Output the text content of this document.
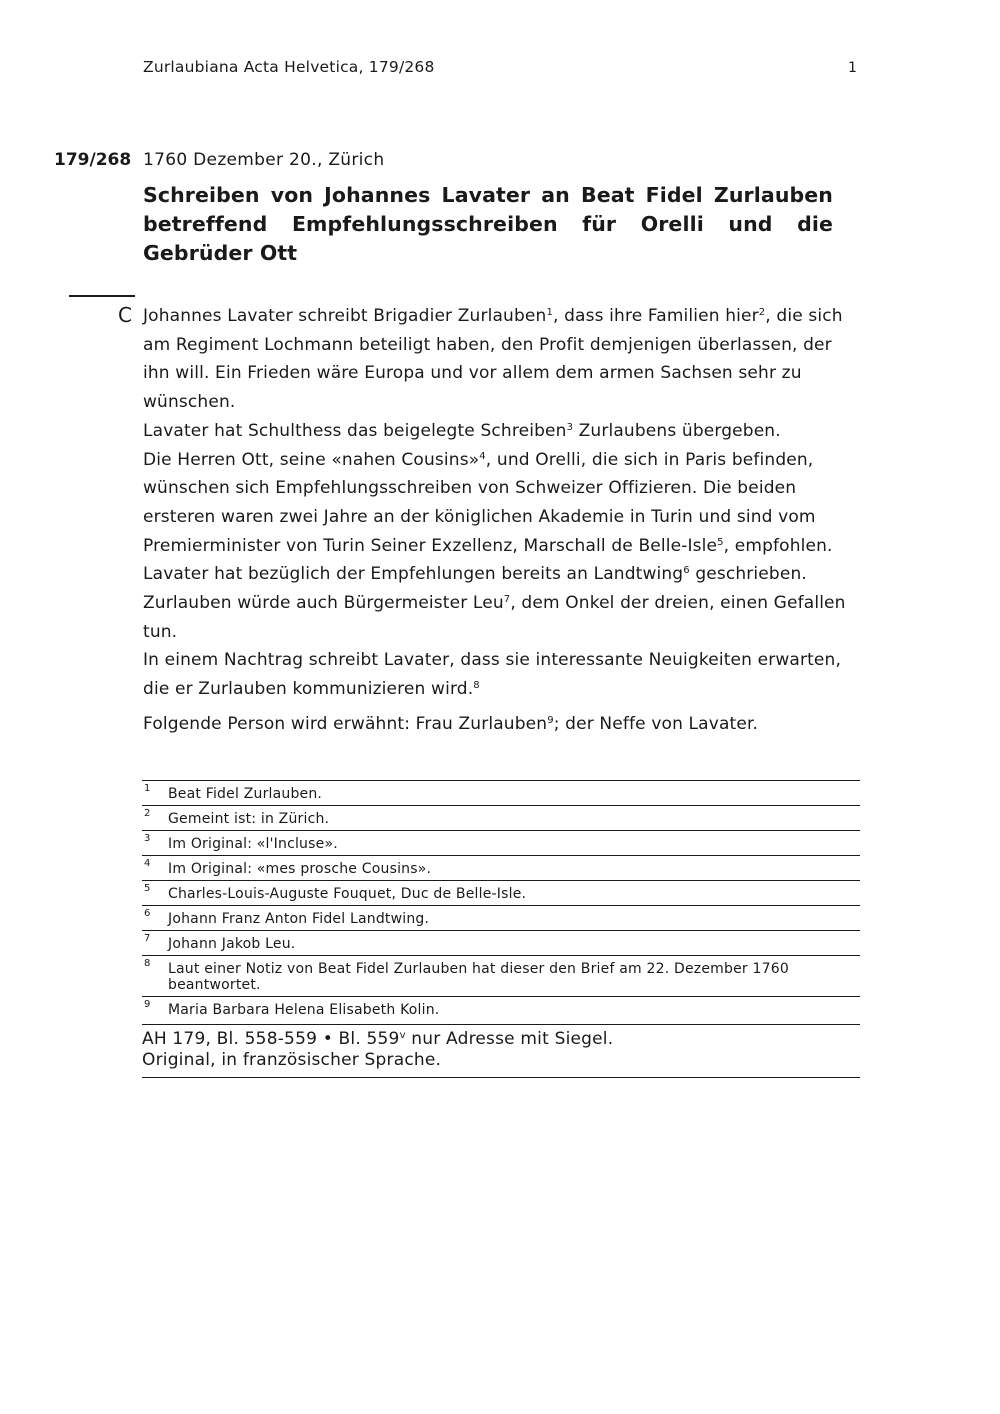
Zurlaubiana Acta Helvetica, 179/268	1
179/268 1760 Dezember 20., Zürich
Schreiben von Johannes Lavater an Beat Fidel Zurlauben betreffend Empfehlungsschreiben für Orelli und die Gebrüder Ott
C Johannes Lavater schreibt Brigadier Zurlauben$^1$, dass ihre Familien hier$^2$, die sich am Regiment Lochmann beteiligt haben, den Profit demjenigen überlassen, der ihn will. Ein Frieden wäre Europa und vor allem dem armen Sachsen sehr zu wünschen.

Lavater hat Schulthess das beigelegte Schreiben$^3$ Zurlaubens übergeben.

Die Herren Ott, seine «nahen Cousins»$^4$, und Orelli, die sich in Paris befinden, wünschen sich Empfehlungsschreiben von Schweizer Offizieren. Die beiden ersteren waren zwei Jahre an der königlichen Akademie in Turin und sind vom Premierminister von Turin Seiner Exzellenz, Marschall de Belle-Isle$^5$, empfohlen. Lavater hat bezüglich der Empfehlungen bereits an Landtwing$^6$ geschrieben. Zurlauben würde auch Bürgermeister Leu$^7$, dem Onkel der dreien, einen Gefallen tun.

In einem Nachtrag schreibt Lavater, dass sie interessante Neuigkeiten erwarten, die er Zurlauben kommunizieren wird.$^8$

Folgende Person wird erwähnt: Frau Zurlauben$^9$; der Neffe von Lavater.
1	Beat Fidel Zurlauben.
2	Gemeint ist: in Zürich.
3	Im Original: «l'Incluse».
4	Im Original: «mes prosche Cousins».
5	Charles-Louis-Auguste Fouquet, Duc de Belle-Isle.
6	Johann Franz Anton Fidel Landtwing.
7	Johann Jakob Leu.
8	Laut einer Notiz von Beat Fidel Zurlauben hat dieser den Brief am 22. Dezember 1760 beantwortet.
9	Maria Barbara Helena Elisabeth Kolin.
AH 179, Bl. 558-559 • Bl. 559$^v$ nur Adresse mit Siegel.
Original, in französischer Sprache.
